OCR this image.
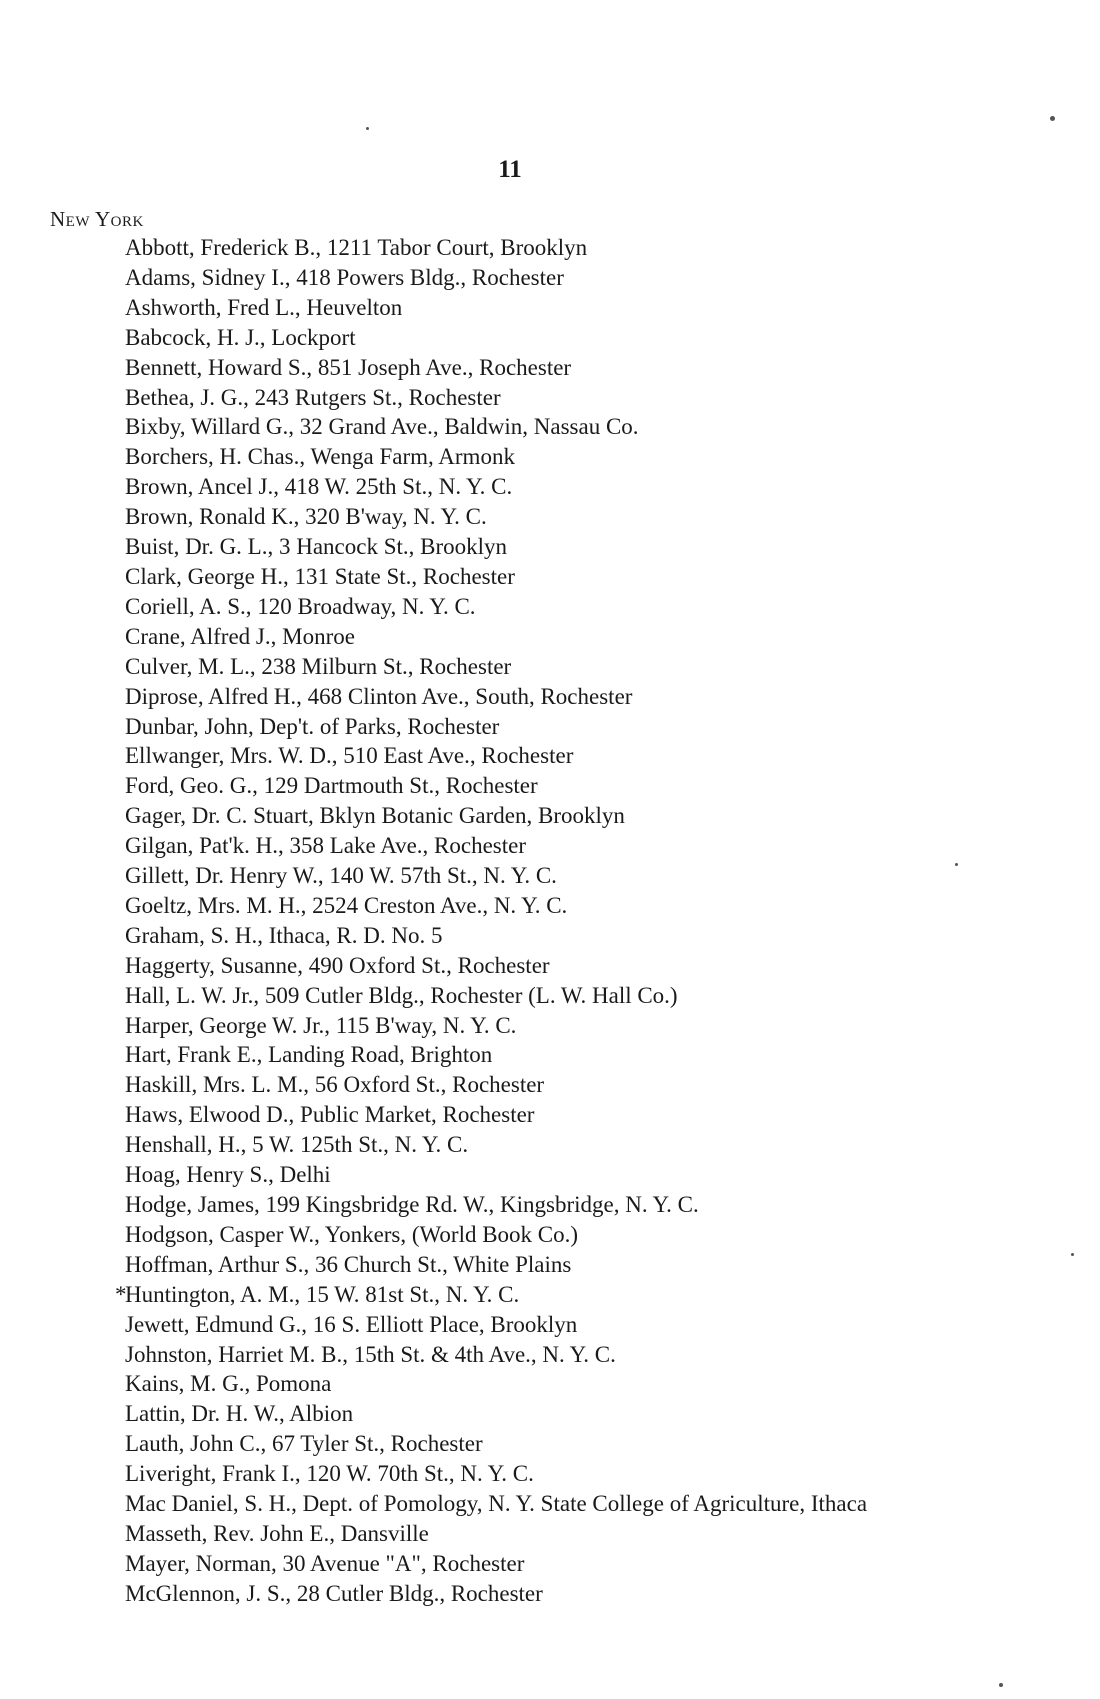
11
New York
Abbott, Frederick B., 1211 Tabor Court, Brooklyn
Adams, Sidney I., 418 Powers Bldg., Rochester
Ashworth, Fred L., Heuvelton
Babcock, H. J., Lockport
Bennett, Howard S., 851 Joseph Ave., Rochester
Bethea, J. G., 243 Rutgers St., Rochester
Bixby, Willard G., 32 Grand Ave., Baldwin, Nassau Co.
Borchers, H. Chas., Wenga Farm, Armonk
Brown, Ancel J., 418 W. 25th St., N. Y. C.
Brown, Ronald K., 320 B'way, N. Y. C.
Buist, Dr. G. L., 3 Hancock St., Brooklyn
Clark, George H., 131 State St., Rochester
Coriell, A. S., 120 Broadway, N. Y. C.
Crane, Alfred J., Monroe
Culver, M. L., 238 Milburn St., Rochester
Diprose, Alfred H., 468 Clinton Ave., South, Rochester
Dunbar, John, Dep't. of Parks, Rochester
Ellwanger, Mrs. W. D., 510 East Ave., Rochester
Ford, Geo. G., 129 Dartmouth St., Rochester
Gager, Dr. C. Stuart, Bklyn Botanic Garden, Brooklyn
Gilgan, Pat'k. H., 358 Lake Ave., Rochester
Gillett, Dr. Henry W., 140 W. 57th St., N. Y. C.
Goeltz, Mrs. M. H., 2524 Creston Ave., N. Y. C.
Graham, S. H., Ithaca, R. D. No. 5
Haggerty, Susanne, 490 Oxford St., Rochester
Hall, L. W. Jr., 509 Cutler Bldg., Rochester (L. W. Hall Co.)
Harper, George W. Jr., 115 B'way, N. Y. C.
Hart, Frank E., Landing Road, Brighton
Haskill, Mrs. L. M., 56 Oxford St., Rochester
Haws, Elwood D., Public Market, Rochester
Henshall, H., 5 W. 125th St., N. Y. C.
Hoag, Henry S., Delhi
Hodge, James, 199 Kingsbridge Rd. W., Kingsbridge, N. Y. C.
Hodgson, Casper W., Yonkers, (World Book Co.)
Hoffman, Arthur S., 36 Church St., White Plains
*
Huntington, A. M., 15 W. 81st St., N. Y. C.
Jewett, Edmund G., 16 S. Elliott Place, Brooklyn
Johnston, Harriet M. B., 15th St. & 4th Ave., N. Y. C.
Kains, M. G., Pomona
Lattin, Dr. H. W., Albion
Lauth, John C., 67 Tyler St., Rochester
Liveright, Frank I., 120 W. 70th St., N. Y. C.
Mac Daniel, S. H., Dept. of Pomology, N. Y. State College of Agriculture, Ithaca
Masseth, Rev. John E., Dansville
Mayer, Norman, 30 Avenue "A", Rochester
McGlennon, J. S., 28 Cutler Bldg., Rochester
